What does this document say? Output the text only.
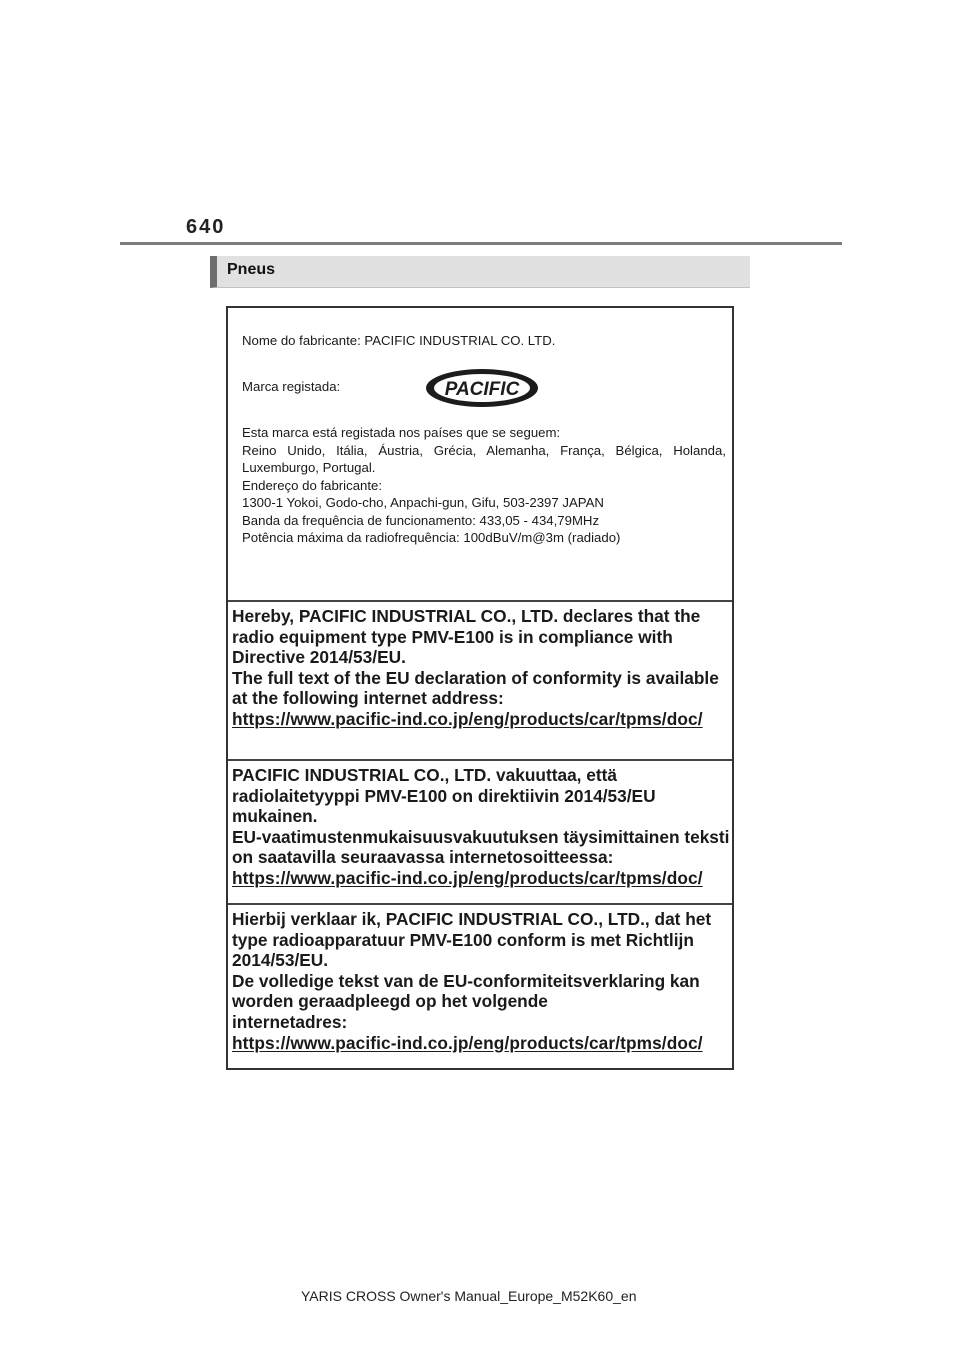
640
Pneus
Nome do fabricante: PACIFIC INDUSTRIAL CO. LTD.
Marca registada:	PACIFIC
Esta marca está registada nos países que se seguem:
Reino Unido, Itália, Áustria, Grécia, Alemanha, França, Bélgica, Holanda,
Luxemburgo, Portugal.
Endereço do fabricante:
1300-1 Yokoi, Godo-cho, Anpachi-gun, Gifu, 503-2397 JAPAN
Banda da frequência de funcionamento: 433,05 - 434,79MHz
Potência máxima da radiofrequência: 100dBuV/m@3m (radiado)
Hereby, PACIFIC INDUSTRIAL CO., LTD. declares that the
radio equipment type PMV-E100 is in compliance with
Directive 2014/53/EU.
The full text of the EU declaration of conformity is available
at the following internet address:
https://www.pacific-ind.co.jp/eng/products/car/tpms/doc/
PACIFIC INDUSTRIAL CO., LTD. vakuuttaa, että
radiolaitetyyppi PMV-E100 on direktiivin 2014/53/EU
mukainen.
EU-vaatimustenmukaisuusvakuutuksen täysimittainen teksti
on saatavilla seuraavassa internetosoitteessa:
https://www.pacific-ind.co.jp/eng/products/car/tpms/doc/
Hierbij verklaar ik, PACIFIC INDUSTRIAL CO., LTD., dat het
type radioapparatuur PMV-E100 conform is met Richtlijn
2014/53/EU.
De volledige tekst van de EU-conformiteitsverklaring kan
worden geraadpleegd op het volgende
internetadres:
https://www.pacific-ind.co.jp/eng/products/car/tpms/doc/
YARIS CROSS Owner's Manual_Europe_M52K60_en
